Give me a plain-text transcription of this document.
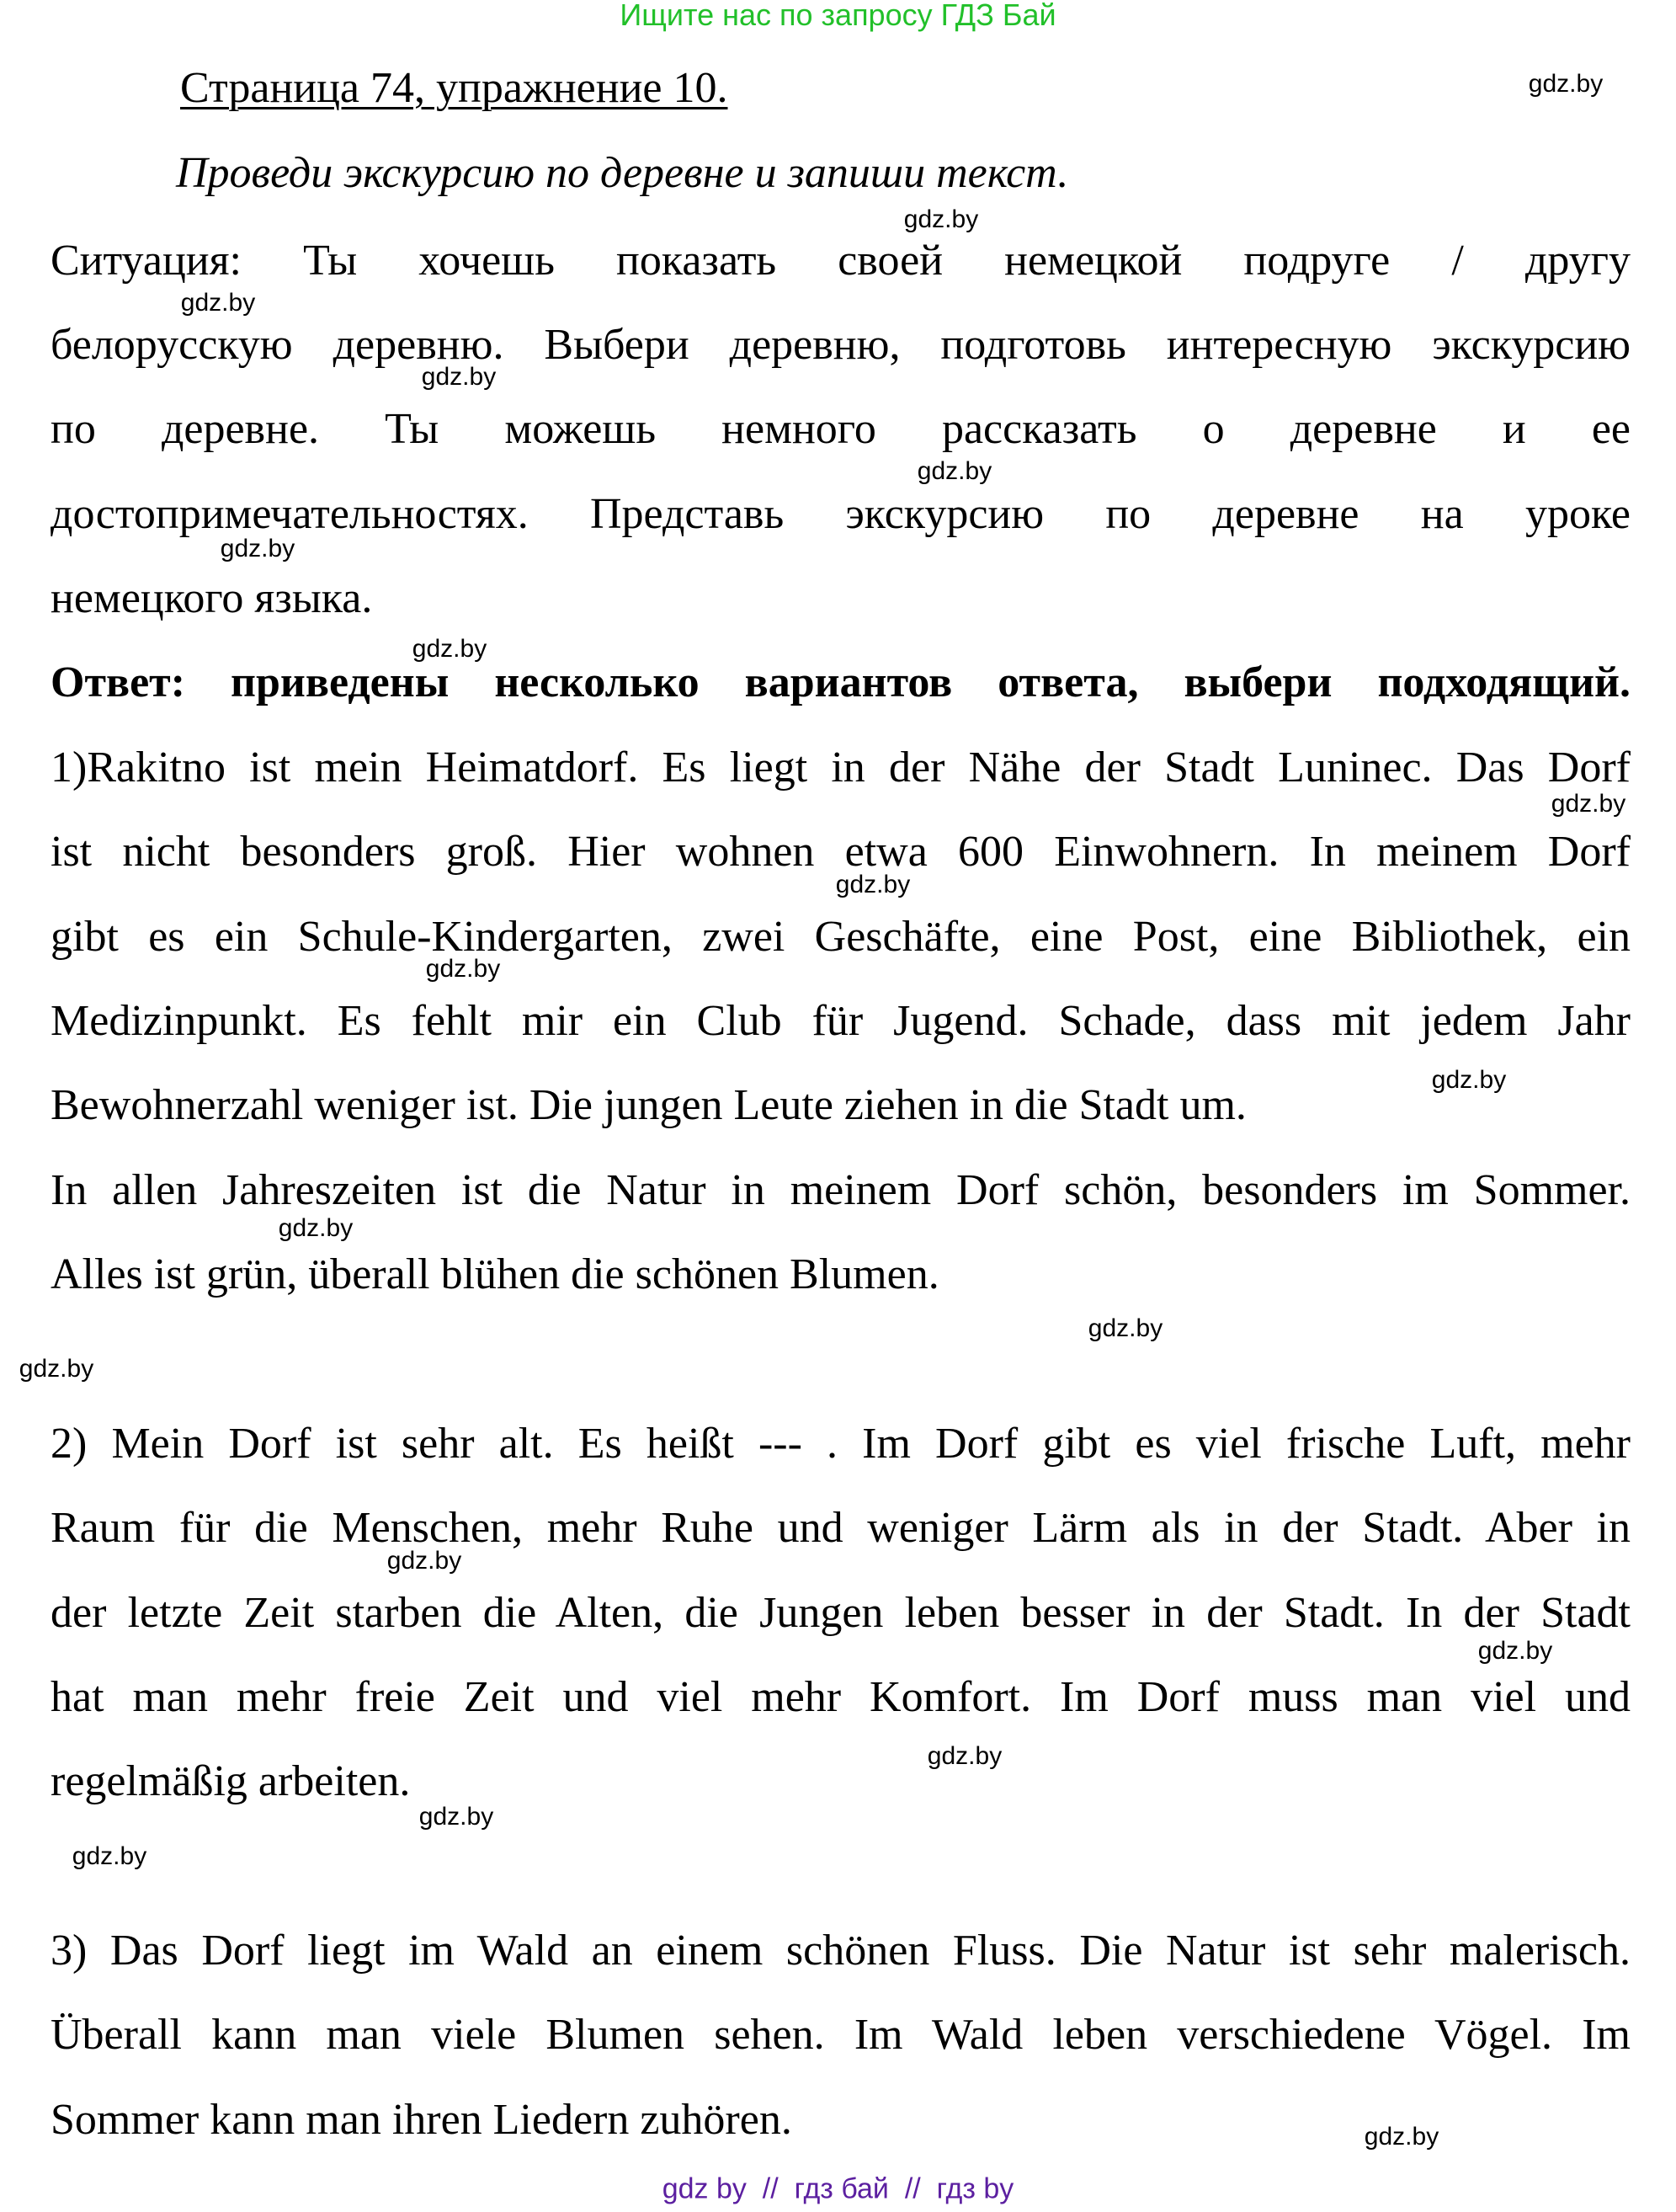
Ищите нас по запросу ГДЗ Бай
Страница 74, упражнение 10.
Проведи экскурсию по деревне и запиши текст.
Ситуация: Ты хочешь показать своей немецкой подруге / другу
белорусскую деревню. Выбери деревню, подготовь интересную экскурсию
по деревне. Ты можешь немного рассказать о деревне и ее
достопримечательностях. Представь экскурсию по деревне на уроке
немецкого языка.
Ответ: приведены несколько вариантов ответа, выбери подходящий.
1)Rakitno ist mein Heimatdorf. Es liegt in der Nähe der Stadt Luninec. Das Dorf
ist nicht besonders groß. Hier wohnen etwa 600 Einwohnern. In meinem Dorf
gibt es ein Schule-Kindergarten, zwei Geschäfte, eine Post, eine Bibliothek, ein
Medizinpunkt. Es fehlt mir ein Club für Jugend. Schade, dass mit jedem Jahr
Bewohnerzahl weniger ist. Die jungen Leute ziehen in die Stadt um.
In allen Jahreszeiten ist die Natur in meinem Dorf schön, besonders im Sommer.
Alles ist grün, überall blühen die schönen Blumen.
2) Mein Dorf ist sehr alt. Es heißt --- . Im Dorf gibt es viel frische Luft, mehr
Raum für die Menschen, mehr Ruhe und weniger Lärm als in der Stadt. Aber in
der letzte Zeit starben die Alten, die Jungen leben besser in der Stadt. In der Stadt
hat man mehr freie Zeit und viel mehr Komfort. Im Dorf muss man viel und
regelmäßig arbeiten.
3) Das Dorf liegt im Wald an einem schönen Fluss. Die Natur ist sehr malerisch.
Überall kann man viele Blumen sehen. Im Wald leben verschiedene Vögel. Im
Sommer kann man ihren Liedern zuhören.
gdz.by
gdz.by
gdz.by
gdz.by
gdz.by
gdz.by
gdz.by
gdz.by
gdz.by
gdz.by
gdz.by
gdz.by
gdz.by
gdz.by
gdz.by
gdz.by
gdz.by
gdz.by
gdz.by
gdz.by
gdz by  //  гдз бай  //  гдз by
